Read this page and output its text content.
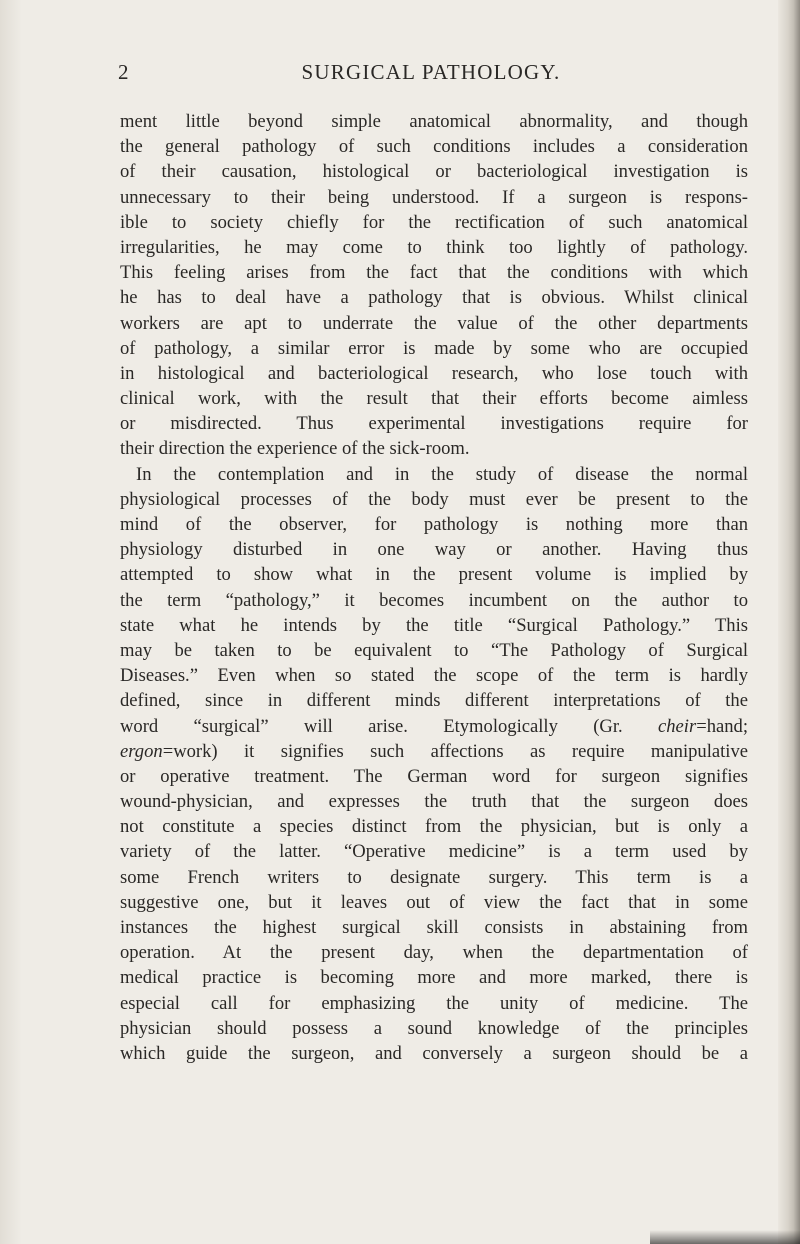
2	SURGICAL PATHOLOGY.
ment little beyond simple anatomical abnormality, and though
the general pathology of such conditions includes a consideration
of their causation, histological or bacteriological investigation is
unnecessary to their being understood. If a surgeon is respons-
ible to society chiefly for the rectification of such anatomical
irregularities, he may come to think too lightly of pathology.
This feeling arises from the fact that the conditions with which
he has to deal have a pathology that is obvious. Whilst clinical
workers are apt to underrate the value of the other departments
of pathology, a similar error is made by some who are occupied
in histological and bacteriological research, who lose touch with
clinical work, with the result that their efforts become aimless
or misdirected. Thus experimental investigations require for
their direction the experience of the sick-room.
In the contemplation and in the study of disease the normal
physiological processes of the body must ever be present to the
mind of the observer, for pathology is nothing more than
physiology disturbed in one way or another. Having thus
attempted to show what in the present volume is implied by
the term “pathology,” it becomes incumbent on the author to
state what he intends by the title “Surgical Pathology.” This
may be taken to be equivalent to “The Pathology of Surgical
Diseases.” Even when so stated the scope of the term is hardly
defined, since in different minds different interpretations of the
word “surgical” will arise. Etymologically (Gr. cheir=hand;
ergon=work) it signifies such affections as require manipulative
or operative treatment. The German word for surgeon signifies
wound-physician, and expresses the truth that the surgeon does
not constitute a species distinct from the physician, but is only a
variety of the latter. “Operative medicine” is a term used by
some French writers to designate surgery. This term is a
suggestive one, but it leaves out of view the fact that in some
instances the highest surgical skill consists in abstaining from
operation. At the present day, when the departmentation of
medical practice is becoming more and more marked, there is
especial call for emphasizing the unity of medicine. The
physician should possess a sound knowledge of the principles
which guide the surgeon, and conversely a surgeon should be a
